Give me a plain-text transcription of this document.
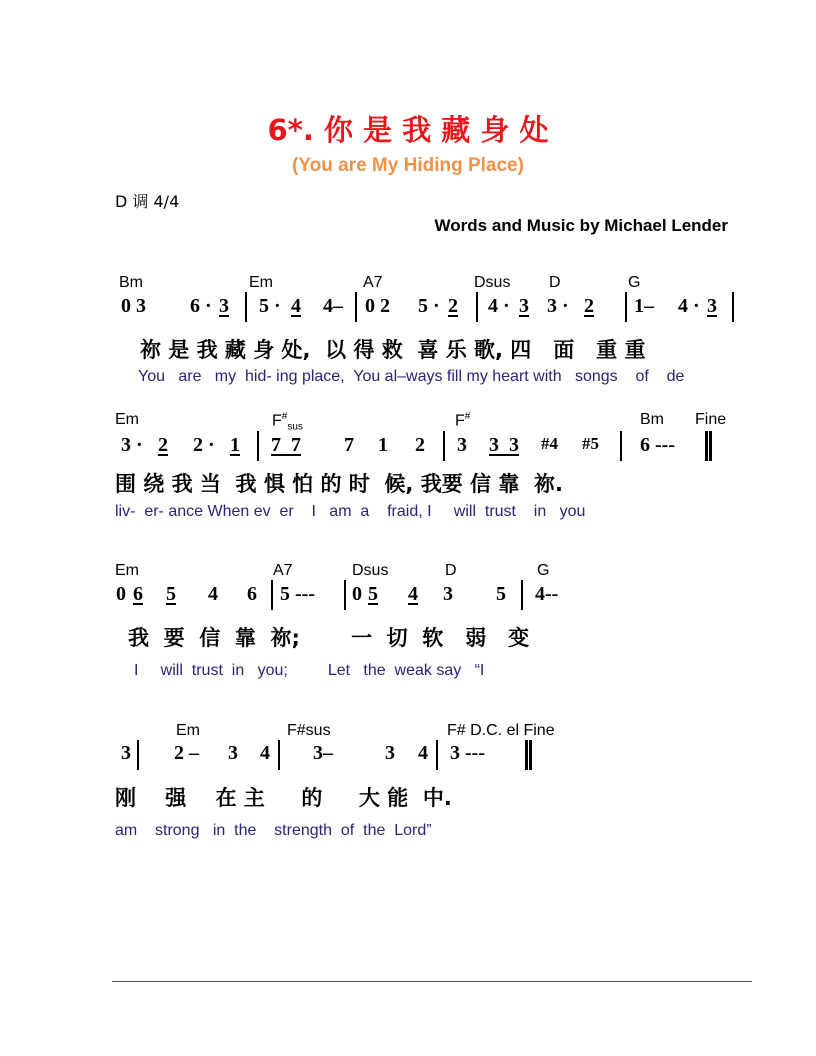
6*. 你 是 我 藏 身 处
(You are My Hiding Place)
D 调 4/4
Words and Music by Michael Lender
Bm	Em	A7	Dsus D	G
0 3 6 · 3 5 · 4 4– 0 2 5 · 2 4 · 3 3 · 2 1– 4 · 3
祢 是 我 藏 身 处,  以 得 救  喜 乐 歌, 四   面   重 重
You   are   my  hid- ing place,  You al–ways fill my heart with   songs    of    de
Em	$F^{\#}_{sus}$	F#	Bm Fine
3 · 2 2 · 1 7  7 7 1 2 3 3  3 #4 #5 6 ---
围 绕 我 当  我 惧 怕 的 时  候, 我要 信 靠  祢.
liv-  er- ance When ev  er    I   am  a    fraid, I     will  trust    in   you
Em	A7	Dsus	D	G
0 6 5 4 6 5 --- 0 5 4 3 5 4--
我  要  信  靠  祢;       一  切  软   弱   变
I     will  trust  in   you;         Let   the  weak say   “I
Em	F#sus	F# D.C. el Fine
3 2 – 3 4 3–	3 4 3 ---
刚    强    在 主     的     大 能  中.
am    strong   in  the    strength  of  the  Lord”
